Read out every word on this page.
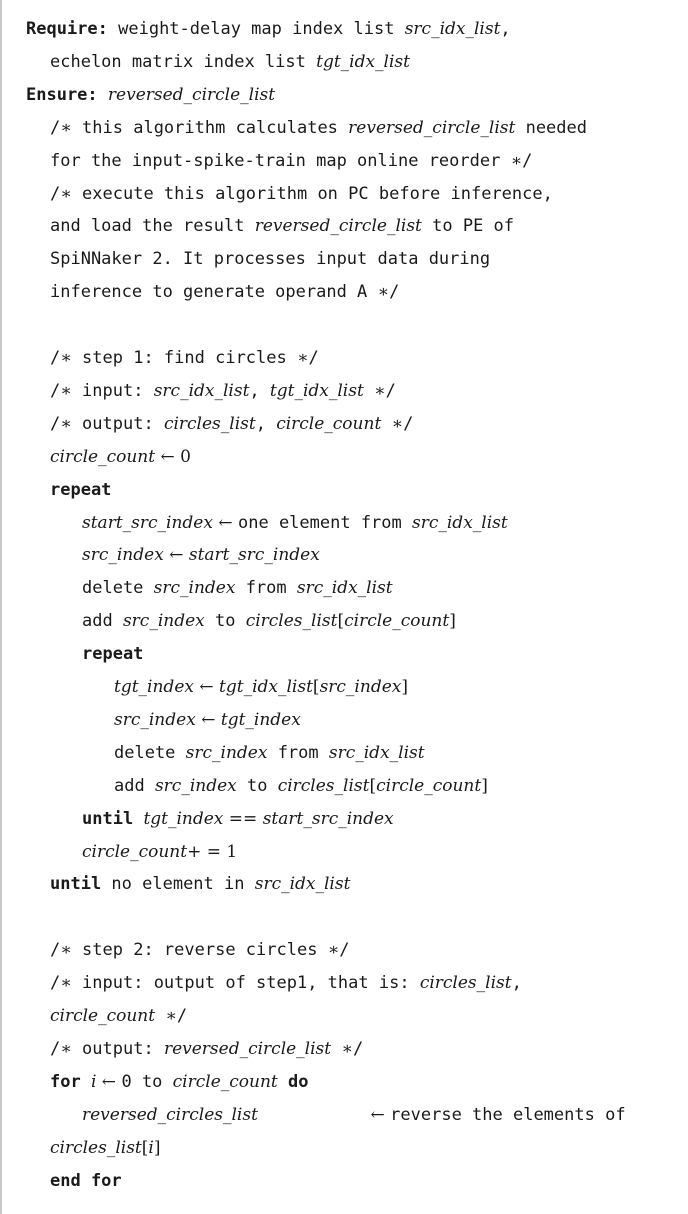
Require: weight-delay map index list src_idx_list,
echelon matrix index list tgt_idx_list
Ensure: reversed_circle_list
/∗ this algorithm calculates reversed_circle_list needed
for the input-spike-train map online reorder ∗/
/∗ execute this algorithm on PC before inference,
and load the result reversed_circle_list to PE of
SpiNNaker 2. It processes input data during
inference to generate operand A ∗/
/∗ step 1: find circles ∗/
/∗ input: src_idx_list, tgt_idx_list ∗/
/∗ output: circles_list, circle_count ∗/
circle_count ← 0
repeat
start_src_index ← one element from src_idx_list
src_index ← start_src_index
delete src_index from src_idx_list
add src_index to circles_list[circle_count]
repeat
tgt_index ← tgt_idx_list[src_index]
src_index ← tgt_index
delete src_index from src_idx_list
add src_index to circles_list[circle_count]
until tgt_index == start_src_index
circle_count+ = 1
until no element in src_idx_list
/∗ step 2: reverse circles ∗/
/∗ input: output of step1, that is: circles_list,
circle_count ∗/
/∗ output: reversed_circle_list ∗/
for i ← 0 to circle_count do
reversed_circles_list	← reverse the elements of
circles_list[i]
end for
